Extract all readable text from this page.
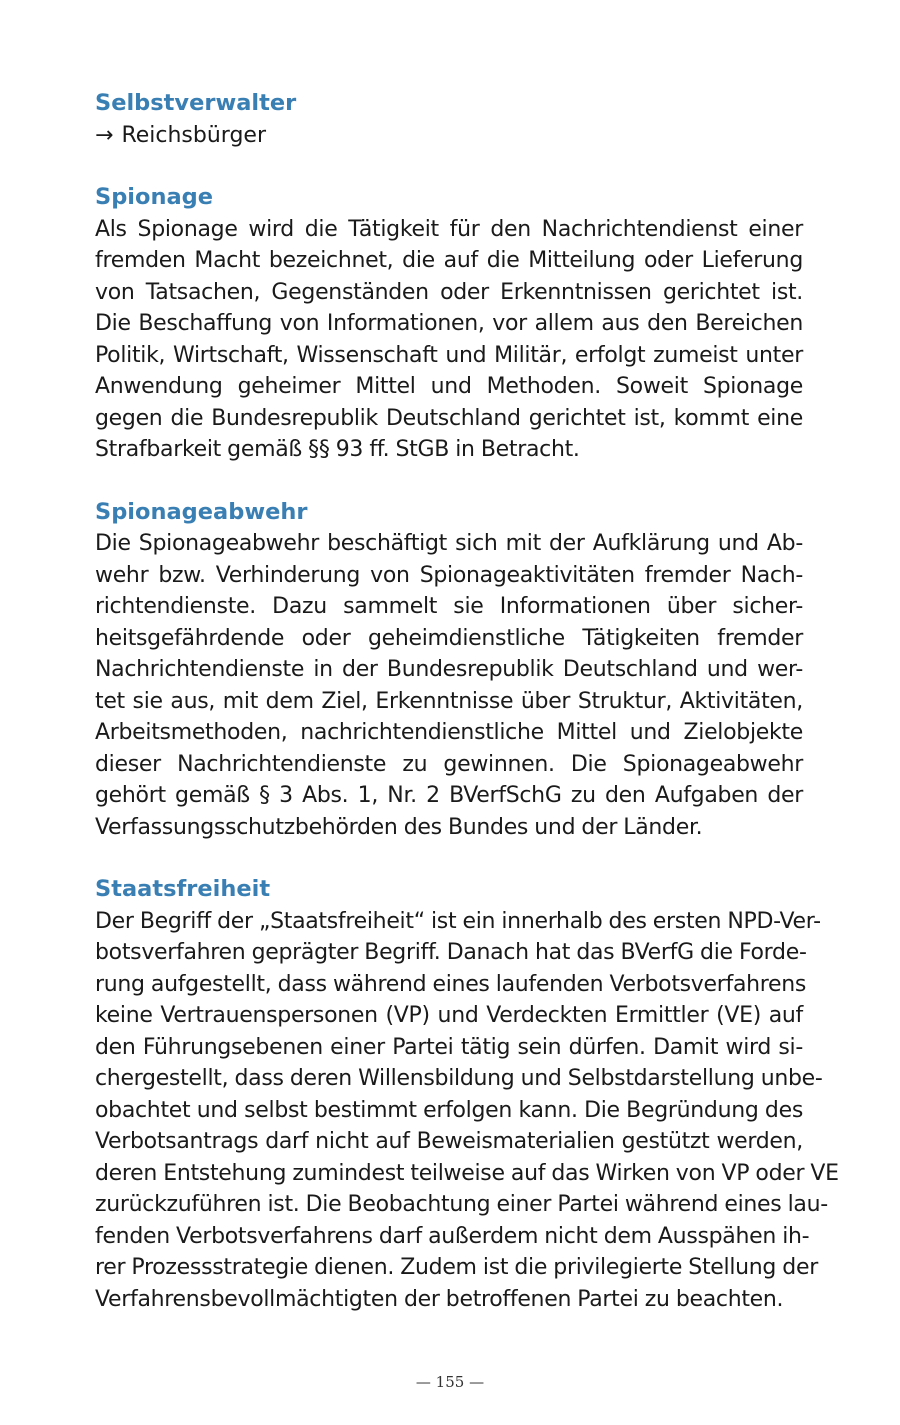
Selbstverwalter

→ Reichsbürger

Spionage

Als Spionage wird die Tätigkeit für den Nachrichtendienst einer
fremden Macht bezeichnet, die auf die Mitteilung oder Lieferung
von Tatsachen, Gegenständen oder Erkenntnissen gerichtet ist.
Die Beschaffung von Informationen, vor allem aus den Bereichen
Politik, Wirtschaft, Wissenschaft und Militär, erfolgt zumeist unter
Anwendung geheimer Mittel und Methoden. Soweit Spionage
gegen die Bundesrepublik Deutschland gerichtet ist, kommt eine
Strafbarkeit gemäß §§ 93 ff. StGB in Betracht.

Spionageabwehr

Die Spionageabwehr beschäftigt sich mit der Aufklärung und Ab-
wehr bzw. Verhinderung von Spionageaktivitäten fremder Nach-
richtendienste. Dazu sammelt sie Informationen über sicher-
heitsgefährdende oder geheimdienstliche Tätigkeiten fremder
Nachrichtendienste in der Bundesrepublik Deutschland und wer-
tet sie aus, mit dem Ziel, Erkenntnisse über Struktur, Aktivitäten,
Arbeitsmethoden, nachrichtendienstliche Mittel und Zielobjekte
dieser Nachrichtendienste zu gewinnen. Die Spionageabwehr
gehört gemäß § 3 Abs. 1, Nr. 2 BVerfSchG zu den Aufgaben der
Verfassungsschutzbehörden des Bundes und der Länder.

Staatsfreiheit

Der Begriff der „Staatsfreiheit“ ist ein innerhalb des ersten NPD-Ver-
botsverfahren geprägter Begriff. Danach hat das BVerfG die Forde-
rung aufgestellt, dass während eines laufenden Verbotsverfahrens
keine Vertrauenspersonen (VP) und Verdeckten Ermittler (VE) auf
den Führungsebenen einer Partei tätig sein dürfen. Damit wird si-
chergestellt, dass deren Willensbildung und Selbstdarstellung unbe-
obachtet und selbst bestimmt erfolgen kann. Die Begründung des
Verbotsantrags darf nicht auf Beweismaterialien gestützt werden,
deren Entstehung zumindest teilweise auf das Wirken von VP oder VE
zurückzuführen ist. Die Beobachtung einer Partei während eines lau-
fenden Verbotsverfahrens darf außerdem nicht dem Ausspähen ih-
rer Prozessstrategie dienen. Zudem ist die privilegierte Stellung der
Verfahrensbevollmächtigten der betroffenen Partei zu beachten.

— 155 —
